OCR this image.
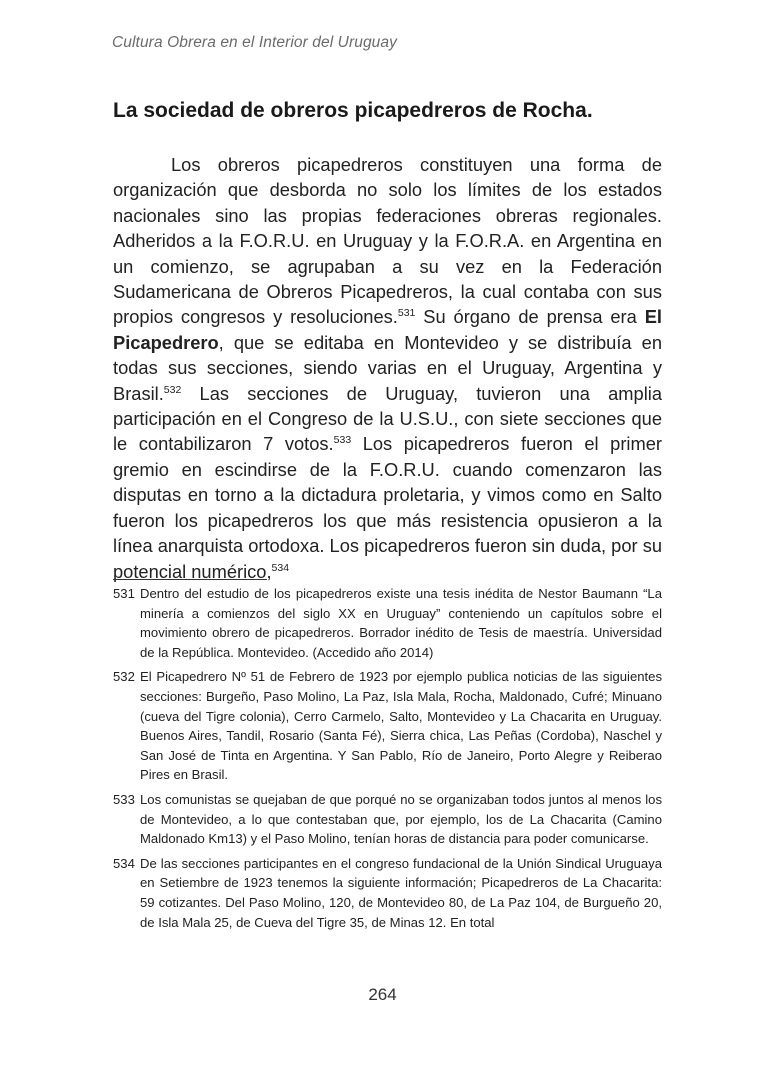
Cultura Obrera en el Interior del Uruguay
La sociedad de obreros picapedreros de Rocha.

Los obreros picapedreros constituyen una forma de organización que desborda no solo los límites de los estados nacionales sino las propias federaciones obreras regionales. Adheridos a la F.O.R.U. en Uruguay y la F.O.R.A. en Argentina en un comienzo, se agrupaban a su vez en la Federación Sudamericana de Obreros Picapedreros, la cual contaba con sus propios congresos y resoluciones.$^{531}$ Su órgano de prensa era El Picapedrero, que se editaba en Montevideo y se distribuía en todas sus secciones, siendo varias en el Uruguay, Argentina y Brasil.$^{532}$ Las secciones de Uruguay, tuvieron una amplia participación en el Congreso de la U.S.U., con siete secciones que le contabilizaron 7 votos.$^{533}$ Los picapedreros fueron el primer gremio en escindirse de la F.O.R.U. cuando comenzaron las disputas en torno a la dictadura proletaria, y vimos como en Salto fueron los picapedreros los que más resistencia opusieron a la línea anarquista ortodoxa. Los picapedreros fueron sin duda, por su potencial numérico,$^{534}$

531 Dentro del estudio de los picapedreros existe una tesis inédita de Nestor Baumann “La minería a comienzos del siglo XX en Uruguay” conteniendo un capítulos sobre el movimiento obrero de picapedreros. Borrador inédito de Tesis de maestría. Universidad de la República. Montevideo. (Accedido año 2014)
532 El Picapedrero Nº 51 de Febrero de 1923 por ejemplo publica noticias de las siguientes secciones: Burgeño, Paso Molino, La Paz, Isla Mala, Rocha, Maldonado, Cufré; Minuano (cueva del Tigre colonia), Cerro Carmelo, Salto, Montevideo y La Chacarita en Uruguay. Buenos Aires, Tandil, Rosario (Santa Fé), Sierra chica, Las Peñas (Cordoba), Naschel y San José de Tinta en Argentina. Y San Pablo, Río de Janeiro, Porto Alegre y Reiberao Pires en Brasil.
533 Los comunistas se quejaban de que porqué no se organizaban todos juntos al menos los de Montevideo, a lo que contestaban que, por ejemplo, los de La Chacarita (Camino Maldonado Km13) y el Paso Molino, tenían horas de distancia para poder comunicarse.
534 De las secciones participantes en el congreso fundacional de la Unión Sindical Uruguaya en Setiembre de 1923 tenemos la siguiente información; Picapedreros de La Chacarita: 59 cotizantes. Del Paso Molino, 120, de Montevideo 80, de La Paz 104, de Burgueño 20, de Isla Mala 25, de Cueva del Tigre 35, de Minas 12. En total
264
